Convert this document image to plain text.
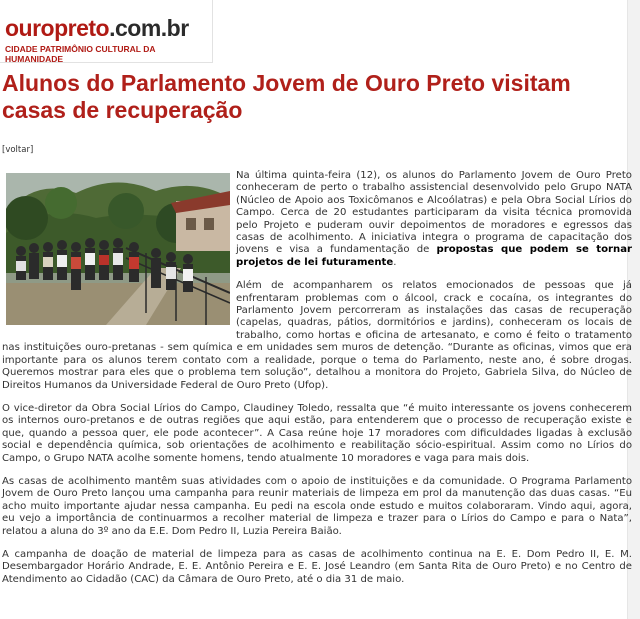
ouropreto.com.br
CIDADE PATRIMÔNIO CULTURAL DA HUMANIDADE
Alunos do Parlamento Jovem de Ouro Preto visitam casas de recuperação
[voltar]

Na última quinta-feira (12), os alunos do Parlamento Jovem de Ouro Preto conheceram de perto o trabalho assistencial desenvolvido pelo Grupo NATA (Núcleo de Apoio aos Toxicômanos e Alcoólatras) e pela Obra Social Lírios do Campo. Cerca de 20 estudantes participaram da visita técnica promovida pelo Projeto e puderam ouvir depoimentos de moradores e egressos das casas de acolhimento. A iniciativa integra o programa de capacitação dos jovens e visa a fundamentação de propostas que podem se tornar projetos de lei futuramente.

Além de acompanharem os relatos emocionados de pessoas que já enfrentaram problemas com o álcool, crack e cocaína, os integrantes do Parlamento Jovem percorreram as instalações das casas de recuperação (capelas, quadras, pátios, dormitórios e jardins), conheceram os locais de trabalho, como hortas e oficina de artesanato, e como é feito o tratamento nas instituições ouro-pretanas - sem química e em unidades sem muros de detenção. “Durante as oficinas, vimos que era importante para os alunos terem contato com a realidade, porque o tema do Parlamento, neste ano, é sobre drogas. Queremos mostrar para eles que o problema tem solução”, detalhou a monitora do Projeto, Gabriela Silva, do Núcleo de Direitos Humanos da Universidade Federal de Ouro Preto (Ufop).

O vice-diretor da Obra Social Lírios do Campo, Claudiney Toledo, ressalta que “é muito interessante os jovens conhecerem os internos ouro-pretanos e de outras regiões que aqui estão, para entenderem que o processo de recuperação existe e que, quando a pessoa quer, ele pode acontecer”. A Casa reúne hoje 17 moradores com dificuldades ligadas à exclusão social e dependência química, sob orientações de acolhimento e reabilitação sócio-espiritual. Assim como no Lírios do Campo, o Grupo NATA acolhe somente homens, tendo atualmente 10 moradores e vaga para mais dois.

As casas de acolhimento mantêm suas atividades com o apoio de instituições e da comunidade. O Programa Parlamento Jovem de Ouro Preto lançou uma campanha para reunir materiais de limpeza em prol da manutenção das duas casas. “Eu acho muito importante ajudar nessa campanha. Eu pedi na escola onde estudo e muitos colaboraram. Vindo aqui, agora, eu vejo a importância de continuarmos a recolher material de limpeza e trazer para o Lírios do Campo e para o Nata”, relatou a aluna do 3º ano da E.E. Dom Pedro II, Luzia Pereira Baião.

A campanha de doação de material de limpeza para as casas de acolhimento continua na E. E. Dom Pedro II, E. M. Desembargador Horário Andrade, E. E. Antônio Pereira e E. E. José Leandro (em Santa Rita de Ouro Preto) e no Centro de Atendimento ao Cidadão (CAC) da Câmara de Ouro Preto, até o dia 31 de maio.
